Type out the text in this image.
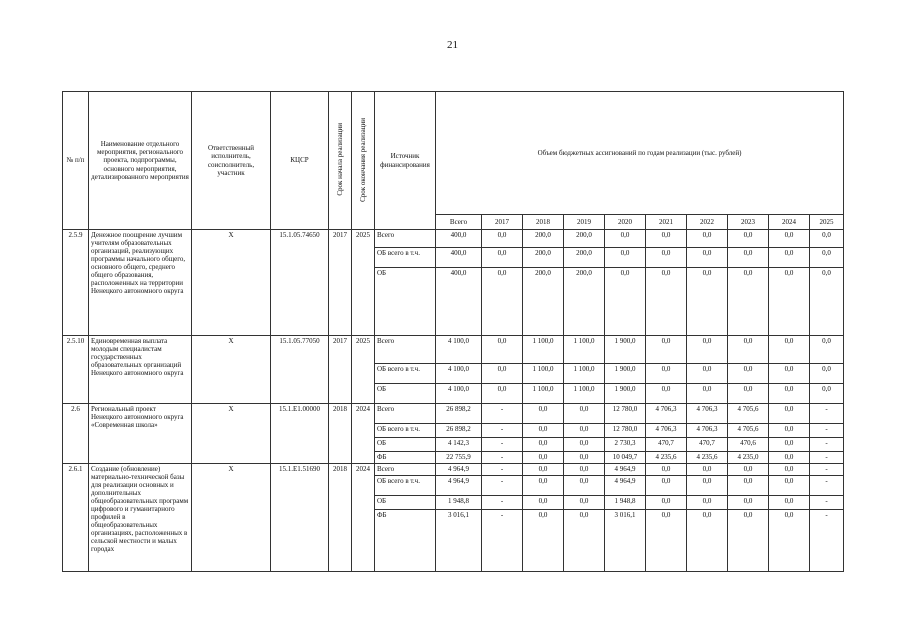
21
№ п/п	Наименование отдельного мероприятия, регионального проекта, подпрограммы, основного мероприятия, детализированного мероприятия	Ответственный исполнитель, соисполнитель, участник	КЦСР	Срок начала реализации	Срок окончания реализации	Источник финансирования	Объем бюджетных ассигнований по годам реализации (тыс. рублей)									
							Всего	2017	2018	2019	2020	2021	2022	2023	2024	2025
2.5.9	Денежное поощрение лучшим учителям образовательных организаций, реализующих программы начального общего, основного общего, среднего общего образования, расположенных на территории Ненецкого автономного округа	Х	15.1.05.74650	2017	2025	Всего	400,0	0,0	200,0	200,0	0,0	0,0	0,0	0,0	0,0	0,0
						ОБ всего в т.ч.	400,0	0,0	200,0	200,0	0,0	0,0	0,0	0,0	0,0	0,0
						ОБ	400,0	0,0	200,0	200,0	0,0	0,0	0,0	0,0	0,0	0,0
2.5.10	Единовременная выплата молодым специалистам государственных образовательных организаций Ненецкого автономного округа	Х	15.1.05.77050	2017	2025	Всего	4 100,0	0,0	1 100,0	1 100,0	1 900,0	0,0	0,0	0,0	0,0	0,0
						ОБ всего в т.ч.	4 100,0	0,0	1 100,0	1 100,0	1 900,0	0,0	0,0	0,0	0,0	0,0
						ОБ	4 100,0	0,0	1 100,0	1 100,0	1 900,0	0,0	0,0	0,0	0,0	0,0
2.6	Региональный проект Ненецкого автономного округа «Современная школа»	Х	15.1.E1.00000	2018	2024	Всего	26 898,2	-	0,0	0,0	12 780,0	4 706,3	4 706,3	4 705,6	0,0	-
						ОБ всего в т.ч.	26 898,2	-	0,0	0,0	12 780,0	4 706,3	4 706,3	4 705,6	0,0	-
						ОБ	4 142,3	-	0,0	0,0	2 730,3	470,7	470,7	470,6	0,0	-
						ФБ	22 755,9	-	0,0	0,0	10 049,7	4 235,6	4 235,6	4 235,0	0,0	-
2.6.1	Создание (обновление) материально-технической базы для реализации основных и дополнительных общеобразовательных программ цифрового и гуманитарного профилей в общеобразовательных организациях, расположенных в сельской местности и малых городах	Х	15.1.E1.51690	2018	2024	Всего	4 964,9	-	0,0	0,0	4 964,9	0,0	0,0	0,0	0,0	-
						ОБ всего в т.ч.	4 964,9	-	0,0	0,0	4 964,9	0,0	0,0	0,0	0,0	-
						ОБ	1 948,8	-	0,0	0,0	1 948,8	0,0	0,0	0,0	0,0	-
						ФБ	3 016,1	-	0,0	0,0	3 016,1	0,0	0,0	0,0	0,0	-
